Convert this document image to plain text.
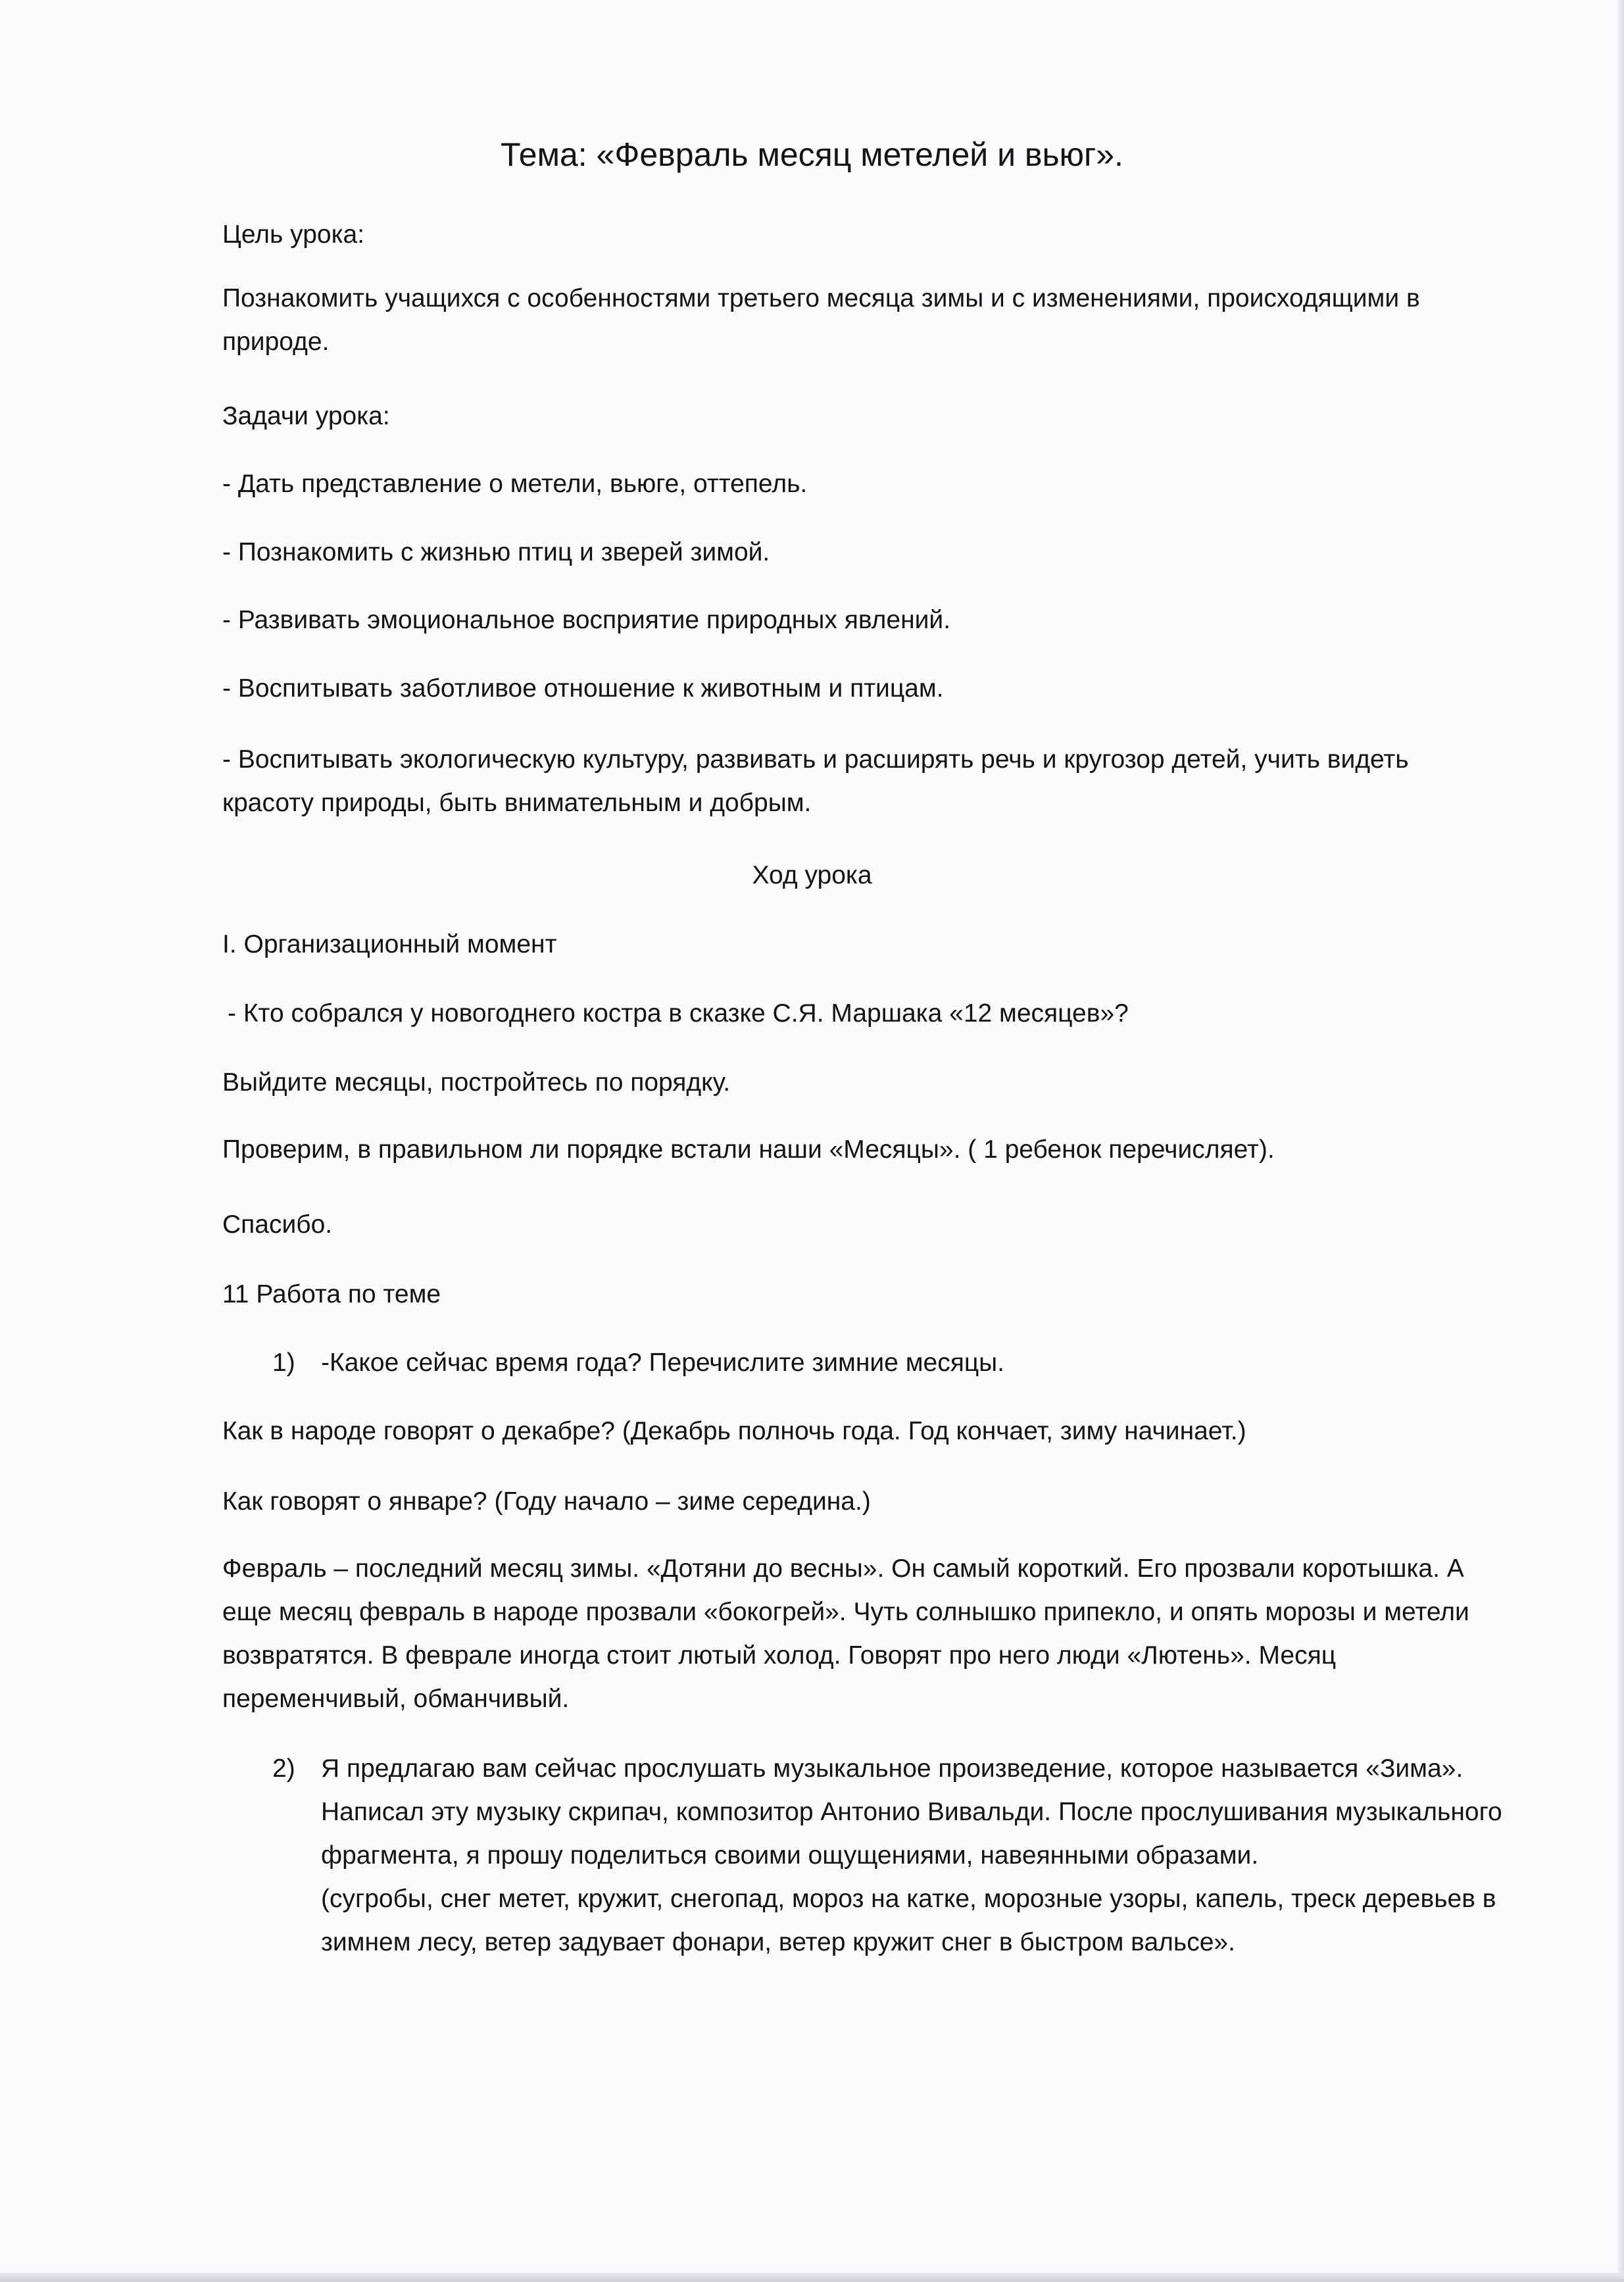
Тема: «Февраль месяц метелей и вьюг».

Цель урока:

Познакомить учащихся с особенностями третьего месяца зимы и с изменениями, происходящими в природе.

Задачи урока:

- Дать представление о метели, вьюге, оттепель.

- Познакомить с жизнью птиц и зверей зимой.

- Развивать эмоциональное восприятие природных явлений.

- Воспитывать заботливое отношение к животным и птицам.

- Воспитывать экологическую культуру, развивать и расширять речь и кругозор детей, учить видеть красоту природы, быть внимательным и добрым.

Ход урока

I. Организационный момент

- Кто собрался у новогоднего костра в сказке С.Я. Маршака «12 месяцев»?

Выйдите месяцы, постройтесь по порядку.

Проверим, в правильном ли порядке встали наши «Месяцы». ( 1 ребенок перечисляет).

Спасибо.

11 Работа по теме

1) -Какое сейчас время года? Перечислите зимние месяцы.

Как в народе говорят о декабре? (Декабрь полночь года. Год кончает, зиму начинает.)

Как говорят о январе? (Году начало – зиме середина.)

Февраль – последний месяц зимы. «Дотяни до весны». Он самый короткий. Его прозвали коротышка. А еще месяц февраль в народе прозвали «бокогрей». Чуть солнышко припекло, и опять морозы и метели возвратятся. В феврале иногда стоит лютый холод. Говорят про него люди «Лютень». Месяц переменчивый, обманчивый.

2) Я предлагаю вам сейчас прослушать музыкальное произведение, которое называется «Зима». Написал эту музыку скрипач, композитор Антонио Вивальди. После прослушивания музыкального фрагмента, я прошу поделиться своими ощущениями, навеянными образами.
(сугробы, снег метет, кружит, снегопад, мороз на катке, морозные узоры, капель, треск деревьев в зимнем лесу, ветер задувает фонари, ветер кружит снег в быстром вальсе».
